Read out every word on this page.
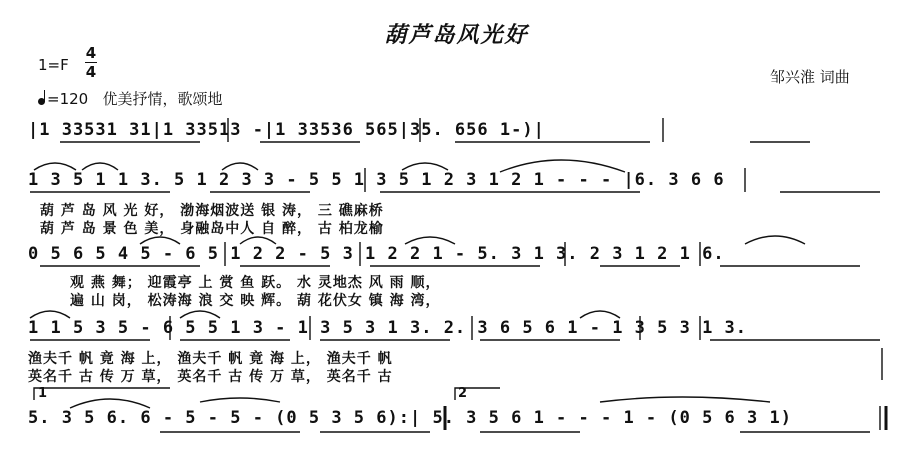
葫芦岛风光好
1=F
4
4
=120 优美抒情，歌颂地
邹兴淮 词曲
|1 33531 31|1 33513 -|1 33536 565|35. 656 1-)|
1 3 5 1 1 3. 5 1 2 3 3 - 5 5 1 3 5 1 2 3 1 2 1 - - - |6. 3 6 6
葫 芦 岛 风 光 好， 渤海烟波送 银 涛， 三 礁麻桥
葫 芦 岛 景 色 美， 身融岛中人 自 醉， 古 柏龙榆
0 5 6 5 4 5 - 6 5 1 2 2 - 5 3 1 2 2 1 - 5. 3 1 3. 2 3 1 2 1 6.
观 燕 舞； 迎霞亭 上 赏 鱼 跃。 水 灵地杰 风 雨 顺，
遍 山 岗， 松涛海 浪 交 映 辉。 葫 花伏女 镇 海 湾，
1 1 5 3 5 - 6 5 5 1 3 - 1 3 5 3 1 3. 2. 3 6 5 6 1 - 1 3 5 3 1 3.
渔夫千 帆 竟 海 上， 渔夫千 帆 竟 海 上， 渔夫千 帆
英名千 古 传 万 草， 英名千 古 传 万 草， 英名千 古
5. 3 5 6. 6 - 5 - 5 - (0 5 3 5 6):| 5. 3 5 6 1 - - - 1 - (0 5 6 3 1)
1	2
